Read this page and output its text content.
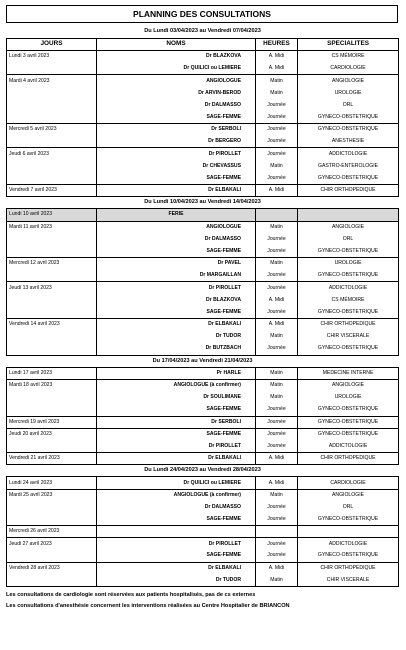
PLANNING DES CONSULTATIONS
Du Lundi 03/04/2023 au Vendredi 07/04/2023			
JOURS	NOMS	HEURES	SPECIALITES
Lundi 3 avril 2023	Dr BLAZKOVA	A. Midi	CS MÉMOIRE
	Dr QUILICI ou LEMIERE	A. Midi	CARDIOLOGIE
Mardi 4 avril 2023	ANGIOLOGUE	Matin	ANGIOLOGIE
	Dr ARVIN-BEROD	Matin	UROLOGIE
	Dr DALMASSO	Journée	ORL
	SAGE-FEMME	Journée	GYNECO-OBSTETRIQUE
Mercredi 5 avril 2023	Dr SERBOLI	Journée	GYNECO-OBSTETRIQUE
	Dr BERGERO	Journée	ANESTHESIE
Jeudi 6 avril 2023	Dr PIROLLET	Journée	ADDICTOLOGIE
	Dr CHEVASSUS	Matin	GASTRO-ENTEROLOGIE
	SAGE-FEMME	Journée	GYNECO-OBSTETRIQUE
Vendredi 7 avril 2023	Dr ELBAKALI	A. Midi	CHIR ORTHOPEDIQUE
Du Lundi 10/04/2023 au Vendredi 14/04/2023			
Lundi 10 avril 2023	FERIE		
Mardi 11 avril 2023	ANGIOLOGUE	Matin	ANGIOLOGIE
	Dr DALMASSO	Journée	ORL
	SAGE-FEMME	Journée	GYNECO-OBSTETRIQUE
Mercredi 12 avril 2023	Dr PAVEL	Matin	UROLOGIE
	Dr MARGAILLAN	Journée	GYNECO-OBSTETRIQUE
Jeudi 13 avril 2023	Dr PIROLLET	Journée	ADDICTOLOGIE
	Dr BLAZKOVA	A. Midi	CS MÉMOIRE
	SAGE-FEMME	Journée	GYNECO-OBSTETRIQUE
Vendredi 14 avril 2023	Dr ELBAKALI	A. Midi	CHIR ORTHOPEDIQUE
	Dr TUDOR	Matin	CHIR VISCERALE
	Dr BUTZBACH	Journée	GYNECO-OBSTETRIQUE
Du 17/04/2023 au Vendredi 21/04/2023			
Lundi 17 avril 2023	Pr HARLE	Matin	MEDECINE INTERNE
Mardi 18 avril 2023	ANGIOLOGUE (à confirmer)	Matin	ANGIOLOGIE
	Dr SOULIMANE	Matin	UROLOGIE
	SAGE-FEMME	Journée	GYNECO-OBSTETRIQUE
Mercredi 19 avril 2023	Dr SERBOLI	Journée	GYNECO-OBSTETRIQUE
Jeudi 20 avril 2023	SAGE-FEMME	Journée	GYNECO-OBSTETRIQUE
	Dr PIROLLET	Journée	ADDICTOLOGIE
Vendredi 21 avril 2023	Dr ELBAKALI	A. Midi	CHIR ORTHOPEDIQUE
Du Lundi 24/04/2023 au Vendredi 28/04/2023			
Lundi 24 avril 2023	Dr QUILICI ou LEMIERE	A. Midi	CARDIOLOGIE
Mardi 25 avril 2023	ANGIOLOGUE (à confirmer)	Matin	ANGIOLOGIE
	Dr DALMASSO	Journée	ORL
	SAGE-FEMME	Journée	GYNECO-OBSTETRIQUE
Mercredi 26 avril 2023			
Jeudi 27 avril 2023	Dr PIROLLET	Journée	ADDICTOLOGIE
	SAGE-FEMME	Journée	GYNECO-OBSTETRIQUE
Vendredi 28 avril 2023	Dr ELBAKALI	A. Midi	CHIR ORTHOPEDIQUE
	Dr TUDOR	Matin	CHIR VISCERALE
Les consultations de cardiologie sont réservées aux patients hospitalisés, pas de cs externes
Les consultations d'anesthésie concernent les interventions réalisées au Centre Hospitalier de BRIANCON
